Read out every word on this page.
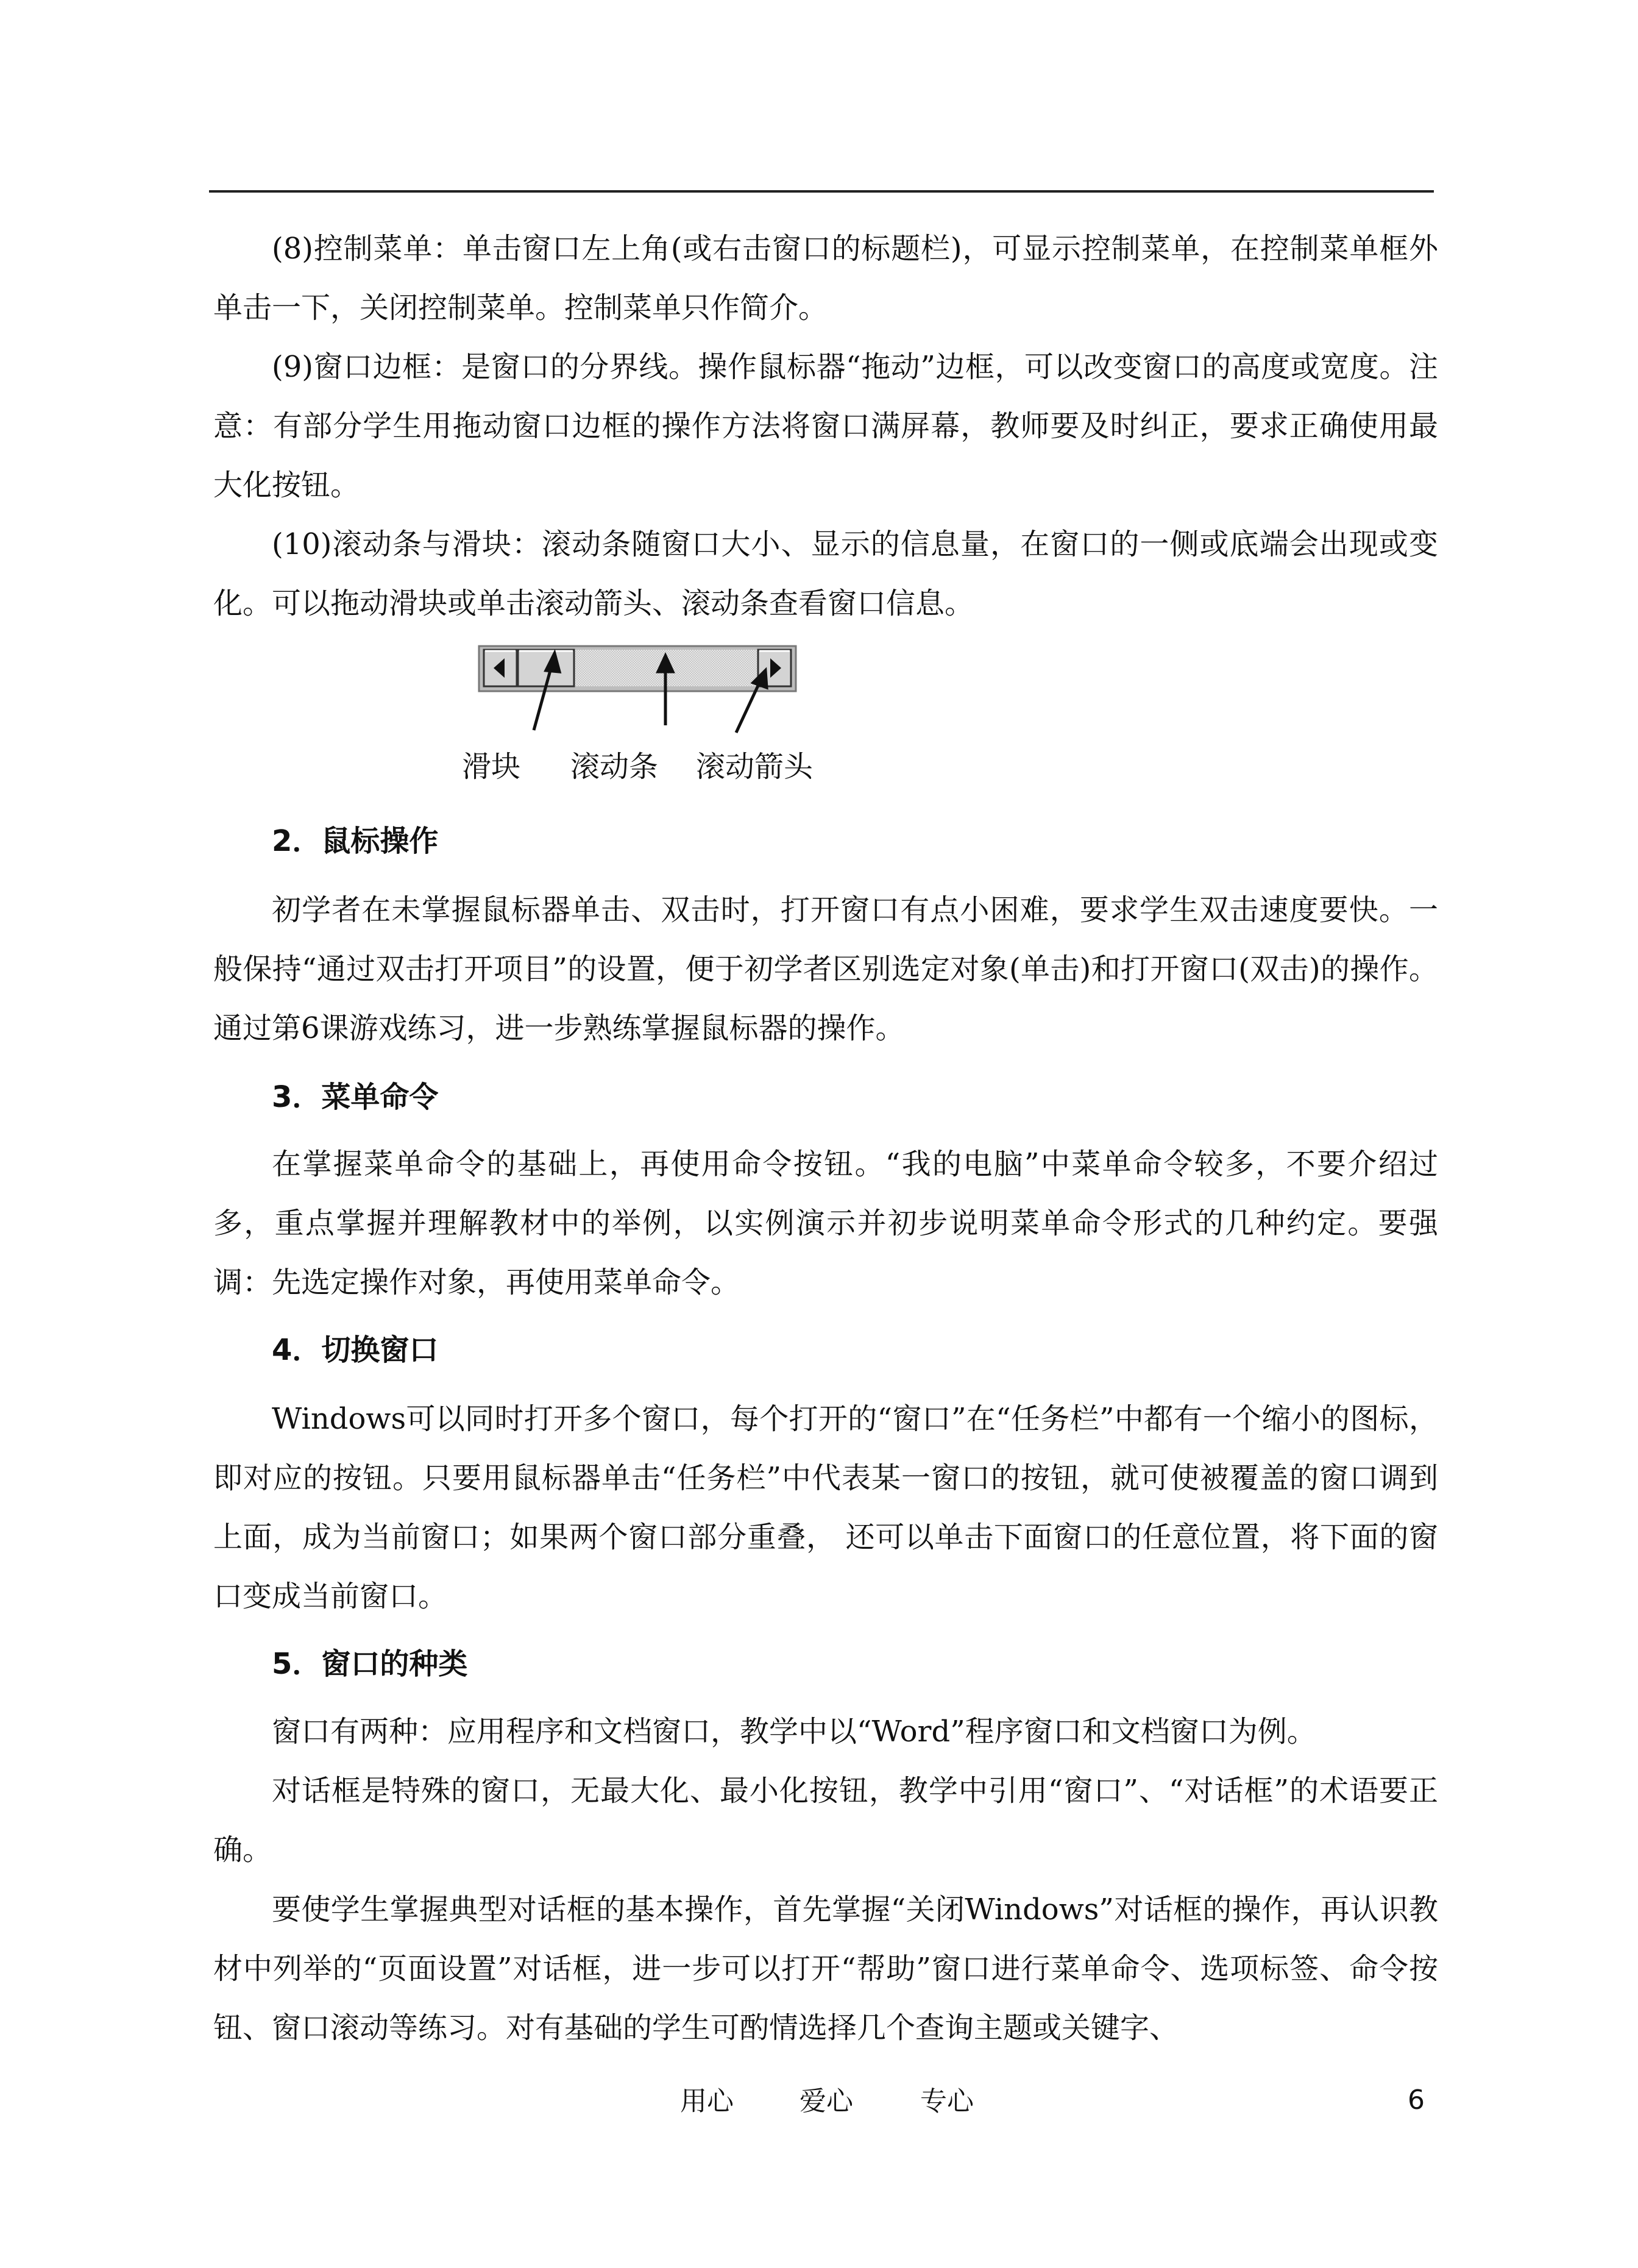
(8)控制菜单：单击窗口左上角(或右击窗口的标题栏)，可显示控制菜单，在控制菜单框外单击一下，关闭控制菜单。控制菜单只作简介。

(9)窗口边框：是窗口的分界线。操作鼠标器“拖动”边框，可以改变窗口的高度或宽度。注意：有部分学生用拖动窗口边框的操作方法将窗口满屏幕，教师要及时纠正，要求正确使用最大化按钮。

(10)滚动条与滑块：滚动条随窗口大小、显示的信息量，在窗口的一侧或底端会出现或变化。可以拖动滑块或单击滚动箭头、滚动条查看窗口信息。

滑块 滚动条 滚动箭头
2．鼠标操作

初学者在未掌握鼠标器单击、双击时，打开窗口有点小困难，要求学生双击速度要快。一般保持“通过双击打开项目”的设置，便于初学者区别选定对象(单击)和打开窗口(双击)的操作。通过第6课游戏练习，进一步熟练掌握鼠标器的操作。

3．菜单命令

在掌握菜单命令的基础上，再使用命令按钮。“我的电脑”中菜单命令较多，不要介绍过多，重点掌握并理解教材中的举例，以实例演示并初步说明菜单命令形式的几种约定。要强调：先选定操作对象，再使用菜单命令。

4．切换窗口

Windows可以同时打开多个窗口，每个打开的“窗口”在“任务栏”中都有一个缩小的图标，即对应的按钮。只要用鼠标器单击“任务栏”中代表某一窗口的按钮，就可使被覆盖的窗口调到上面，成为当前窗口；如果两个窗口部分重叠， 还可以单击下面窗口的任意位置，将下面的窗口变成当前窗口。

5．窗口的种类

窗口有两种：应用程序和文档窗口，教学中以“Word”程序窗口和文档窗口为例。

对话框是特殊的窗口，无最大化、最小化按钮，教学中引用“窗口”、“对话框”的术语要正确。

要使学生掌握典型对话框的基本操作，首先掌握“关闭Windows”对话框的操作，再认识教材中列举的“页面设置”对话框，进一步可以打开“帮助”窗口进行菜单命令、选项标签、命令按钮、窗口滚动等练习。对有基础的学生可酌情选择几个查询主题或关键字、

用心 爱心	专心	6
